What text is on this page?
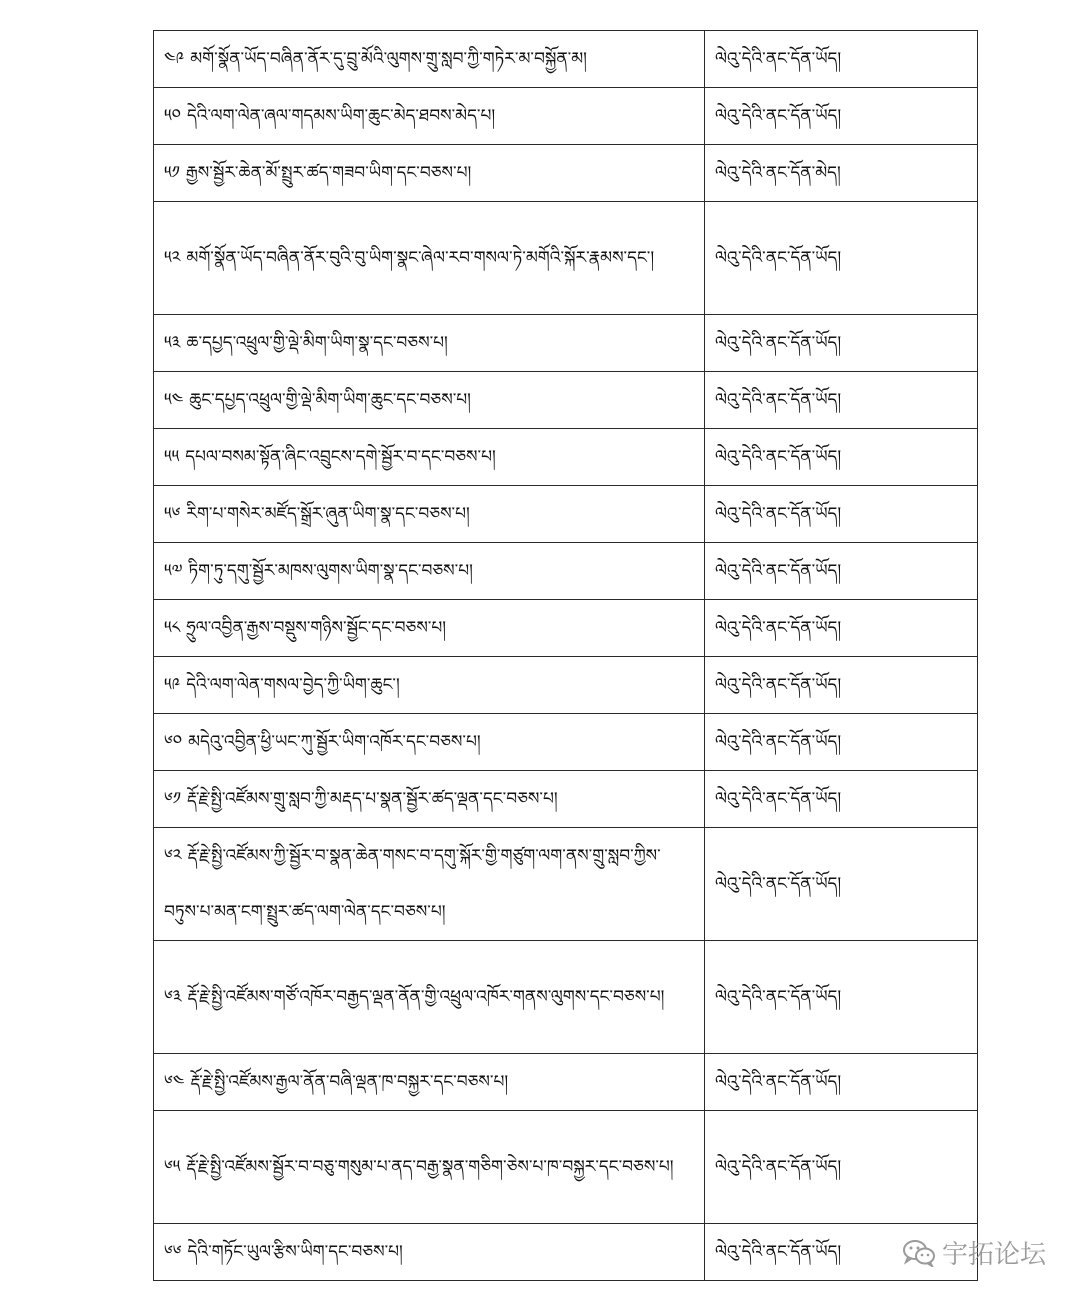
༤༩ མགོ་སྣོན་ཡོད་བཞིན་ནོར་དུ་བྲུ་མོའི་ལུགས་གྲུ་སླབ་ཀྱི་གཏེར་མ་བསྐྱོན་མ།	ལེའུ་དེའི་ནང་དོན་ཡོད།
༥༠ དེའི་ལག་ལེན་ཞལ་གདམས་ཡིག་ཆུང་མེད་ཐབས་མེད་པ།	ལེའུ་དེའི་ནང་དོན་ཡོད།
༥༡ རྒྱས་སྦྱོར་ཆེན་མོ་སྤྲུར་ཚད་གཟབ་ཡིག་དང་བཅས་པ།	ལེའུ་དེའི་ནང་དོན་མེད།
༥༢ མགོ་སྣོན་ཡོད་བཞིན་ནོར་བུའི་བུ་ཡིག་སྣང་ཞེལ་རབ་གསལ་ཏེ་མགོའི་སྐོར་རྣམས་དང་།	ལེའུ་དེའི་ནང་དོན་ཡོད།
༥༣ ཆ་དཔྱད་འཕྲུལ་གྱི་ལྡེ་མིག་ཡིག་སྣ་དང་བཅས་པ།	ལེའུ་དེའི་ནང་དོན་ཡོད།
༥༤ ཆུང་དཔྱད་འཕྲུལ་གྱི་ལྡེ་མིག་ཡིག་ཆུང་དང་བཅས་པ།	ལེའུ་དེའི་ནང་དོན་ཡོད།
༥༥ དཔལ་བསམ་སྟོན་ཞིང་འབྲུངས་དགེ་སྦྱོར་བ་དང་བཅས་པ།	ལེའུ་དེའི་ནང་དོན་ཡོད།
༥༦ རིག་པ་གསེར་མཛོད་སྒྲོར་ཞུན་ཡིག་སྣ་དང་བཅས་པ།	ལེའུ་དེའི་ནང་དོན་ཡོད།
༥༧ ཏིག་ཏུ་དགུ་སྦྱོར་མཁས་ལུགས་ཡིག་སྣ་དང་བཅས་པ།	ལེའུ་དེའི་ནང་དོན་ཡོད།
༥༨ ཧྲུལ་འབྱིན་རྒྱས་བསྡུས་གཉིས་སྦྱོང་དང་བཅས་པ།	ལེའུ་དེའི་ནང་དོན་ཡོད།
༥༩ དེའི་ལག་ལེན་གསལ་བྱེད་ཀྱི་ཡིག་ཆུང་།	ལེའུ་དེའི་ནང་དོན་ཡོད།
༦༠ མདེའུ་འབྱིན་ཕྱི་ཡང་ཀུ་སྦྱོར་ཡིག་འཁོར་དང་བཅས་པ།	ལེའུ་དེའི་ནང་དོན་ཡོད།
༦༡ རྡོ་རྗེ་སྤྱི་འཛོམས་གྲུ་སླབ་ཀྱི་མརྡད་པ་སྣན་སྦྱོར་ཚད་ལྡན་དང་བཅས་པ།	ལེའུ་དེའི་ནང་དོན་ཡོད།
༦༢ རྡོ་རྗེ་སྤྱི་འཛོམས་ཀྱི་སྦྱོར་བ་སྣན་ཆེན་གསང་བ་དགུ་སྐོར་གྱི་གཙུག་ལག་ནས་གྲུ་སླབ་ཀྱིས་བཏུས་པ་མན་ངག་སྤྲུར་ཚད་ལག་ལེན་དང་བཅས་པ།	ལེའུ་དེའི་ནང་དོན་ཡོད།
༦༣ རྡོ་རྗེ་སྤྱི་འཛོམས་གཙོ་འཁོར་བརྒྱད་ལྡན་ནོན་གྱི་འཕྲུལ་འཁོར་གནས་ལུགས་དང་བཅས་པ།	ལེའུ་དེའི་ནང་དོན་ཡོད།
༦༤ རྡོ་རྗེ་སྤྱི་འཛོམས་རྒྱལ་ནོན་བཞི་ལྡན་ཁ་བསྐྱར་དང་བཅས་པ།	ལེའུ་དེའི་ནང་དོན་ཡོད།
༦༥ རྡོ་རྗེ་སྤྱི་འཛོམས་སྦྱོར་བ་བཅུ་གསུམ་པ་ནད་བརྒྱ་སྣན་གཅིག་ཅེས་པ་ཁ་བསྐྱར་དང་བཅས་པ།	ལེའུ་དེའི་ནང་དོན་ཡོད།
༦༦ དེའི་གཏོང་ཡུལ་རྩིས་ཡིག་དང་བཅས་པ།	ལེའུ་དེའི་ནང་དོན་ཡོད།	宇拓论坛
